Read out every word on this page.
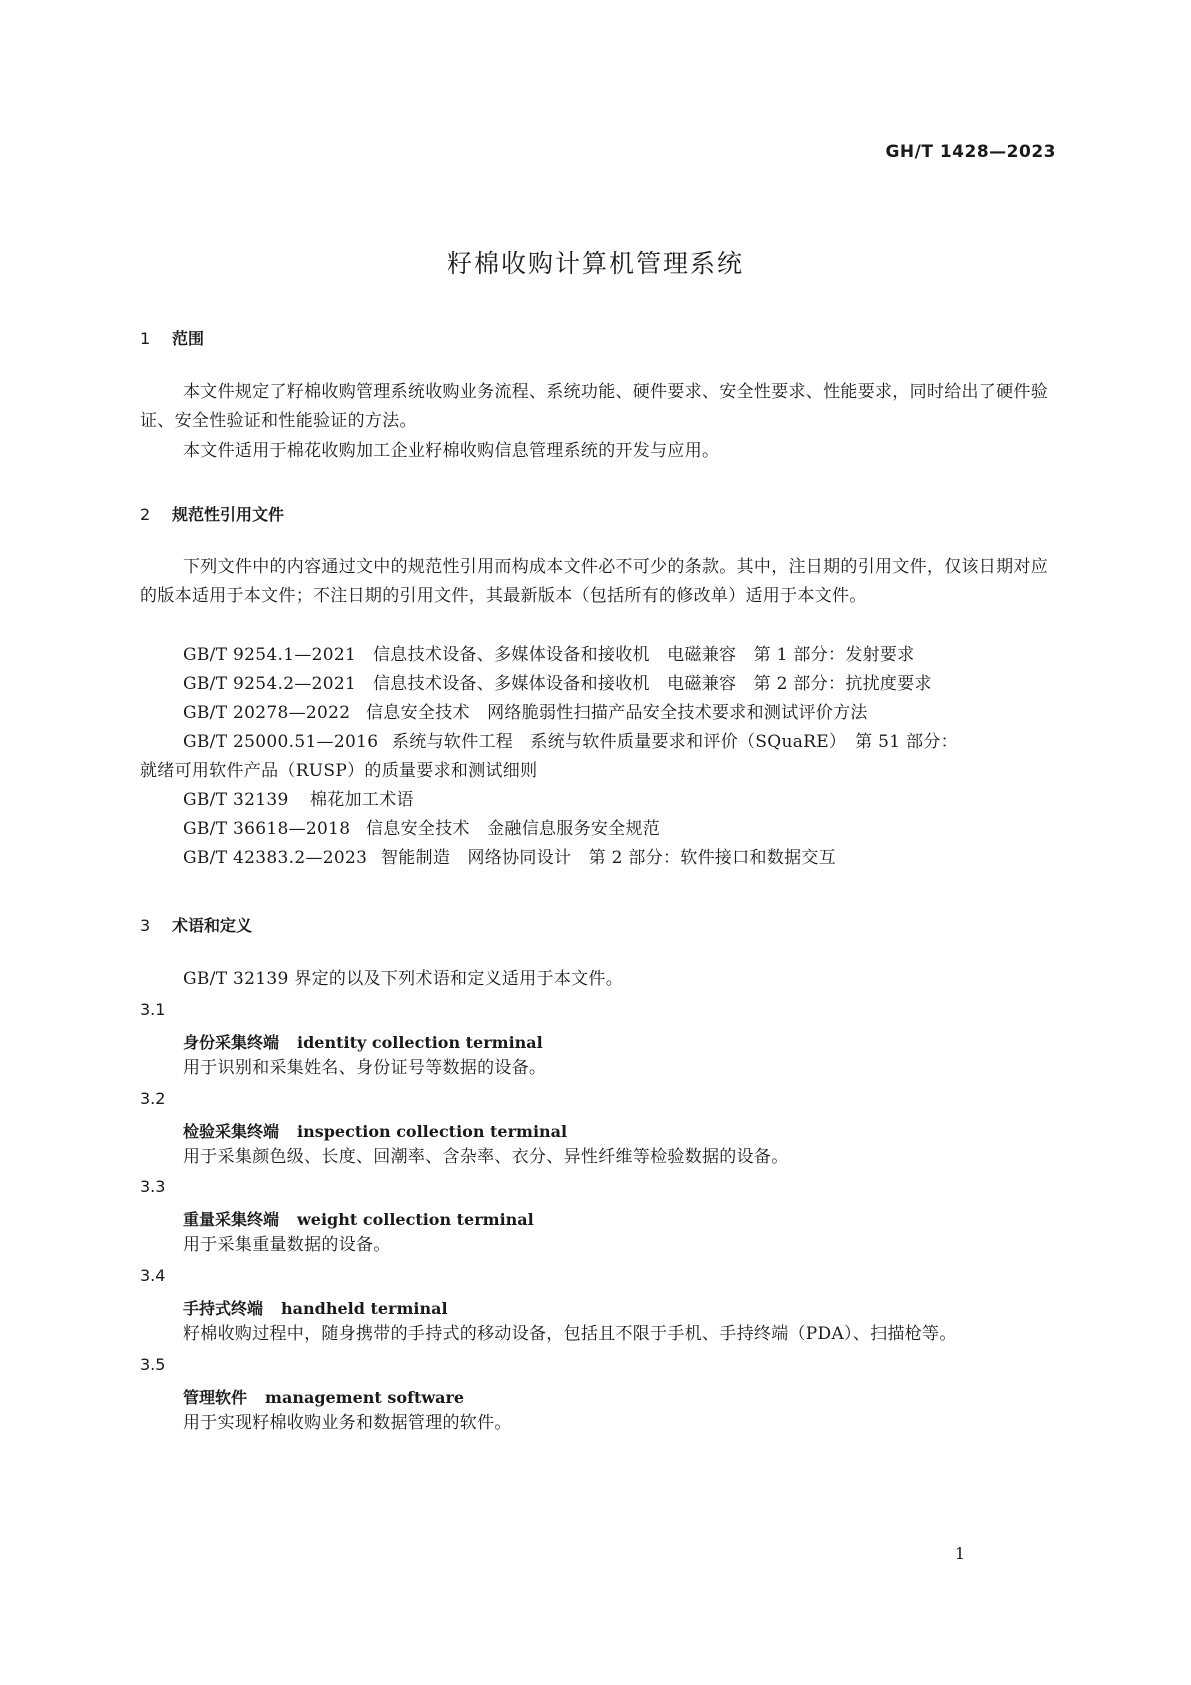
GH/T 1428—2023
籽棉收购计算机管理系统
1 范围
本文件规定了籽棉收购管理系统收购业务流程、系统功能、硬件要求、安全性要求、性能要求，同时给出了硬件验证、安全性验证和性能验证的方法。
本文件适用于棉花收购加工企业籽棉收购信息管理系统的开发与应用。
2 规范性引用文件
下列文件中的内容通过文中的规范性引用而构成本文件必不可少的条款。其中，注日期的引用文件，仅该日期对应的版本适用于本文件；不注日期的引用文件，其最新版本（包括所有的修改单）适用于本文件。
GB/T 9254.1—2021 信息技术设备、多媒体设备和接收机　电磁兼容　第 1 部分：发射要求
GB/T 9254.2—2021 信息技术设备、多媒体设备和接收机　电磁兼容　第 2 部分：抗扰度要求
GB/T 20278—2022 信息安全技术　网络脆弱性扫描产品安全技术要求和测试评价方法
GB/T 25000.51—2016 系统与软件工程　系统与软件质量要求和评价（SQuaRE）　第 51 部分：
就绪可用软件产品（RUSP）的质量要求和测试细则
GB/T 32139 棉花加工术语
GB/T 36618—2018 信息安全技术　金融信息服务安全规范
GB/T 42383.2—2023 智能制造　网络协同设计　第 2 部分：软件接口和数据交互
3 术语和定义
GB/T 32139 界定的以及下列术语和定义适用于本文件。
3.1
身份采集终端 identity collection terminal
用于识别和采集姓名、身份证号等数据的设备。
3.2
检验采集终端 inspection collection terminal
用于采集颜色级、长度、回潮率、含杂率、衣分、异性纤维等检验数据的设备。
3.3
重量采集终端 weight collection terminal
用于采集重量数据的设备。
3.4
手持式终端 handheld terminal
籽棉收购过程中，随身携带的手持式的移动设备，包括且不限于手机、手持终端（PDA）、扫描枪等。
3.5
管理软件 management software
用于实现籽棉收购业务和数据管理的软件。
1
